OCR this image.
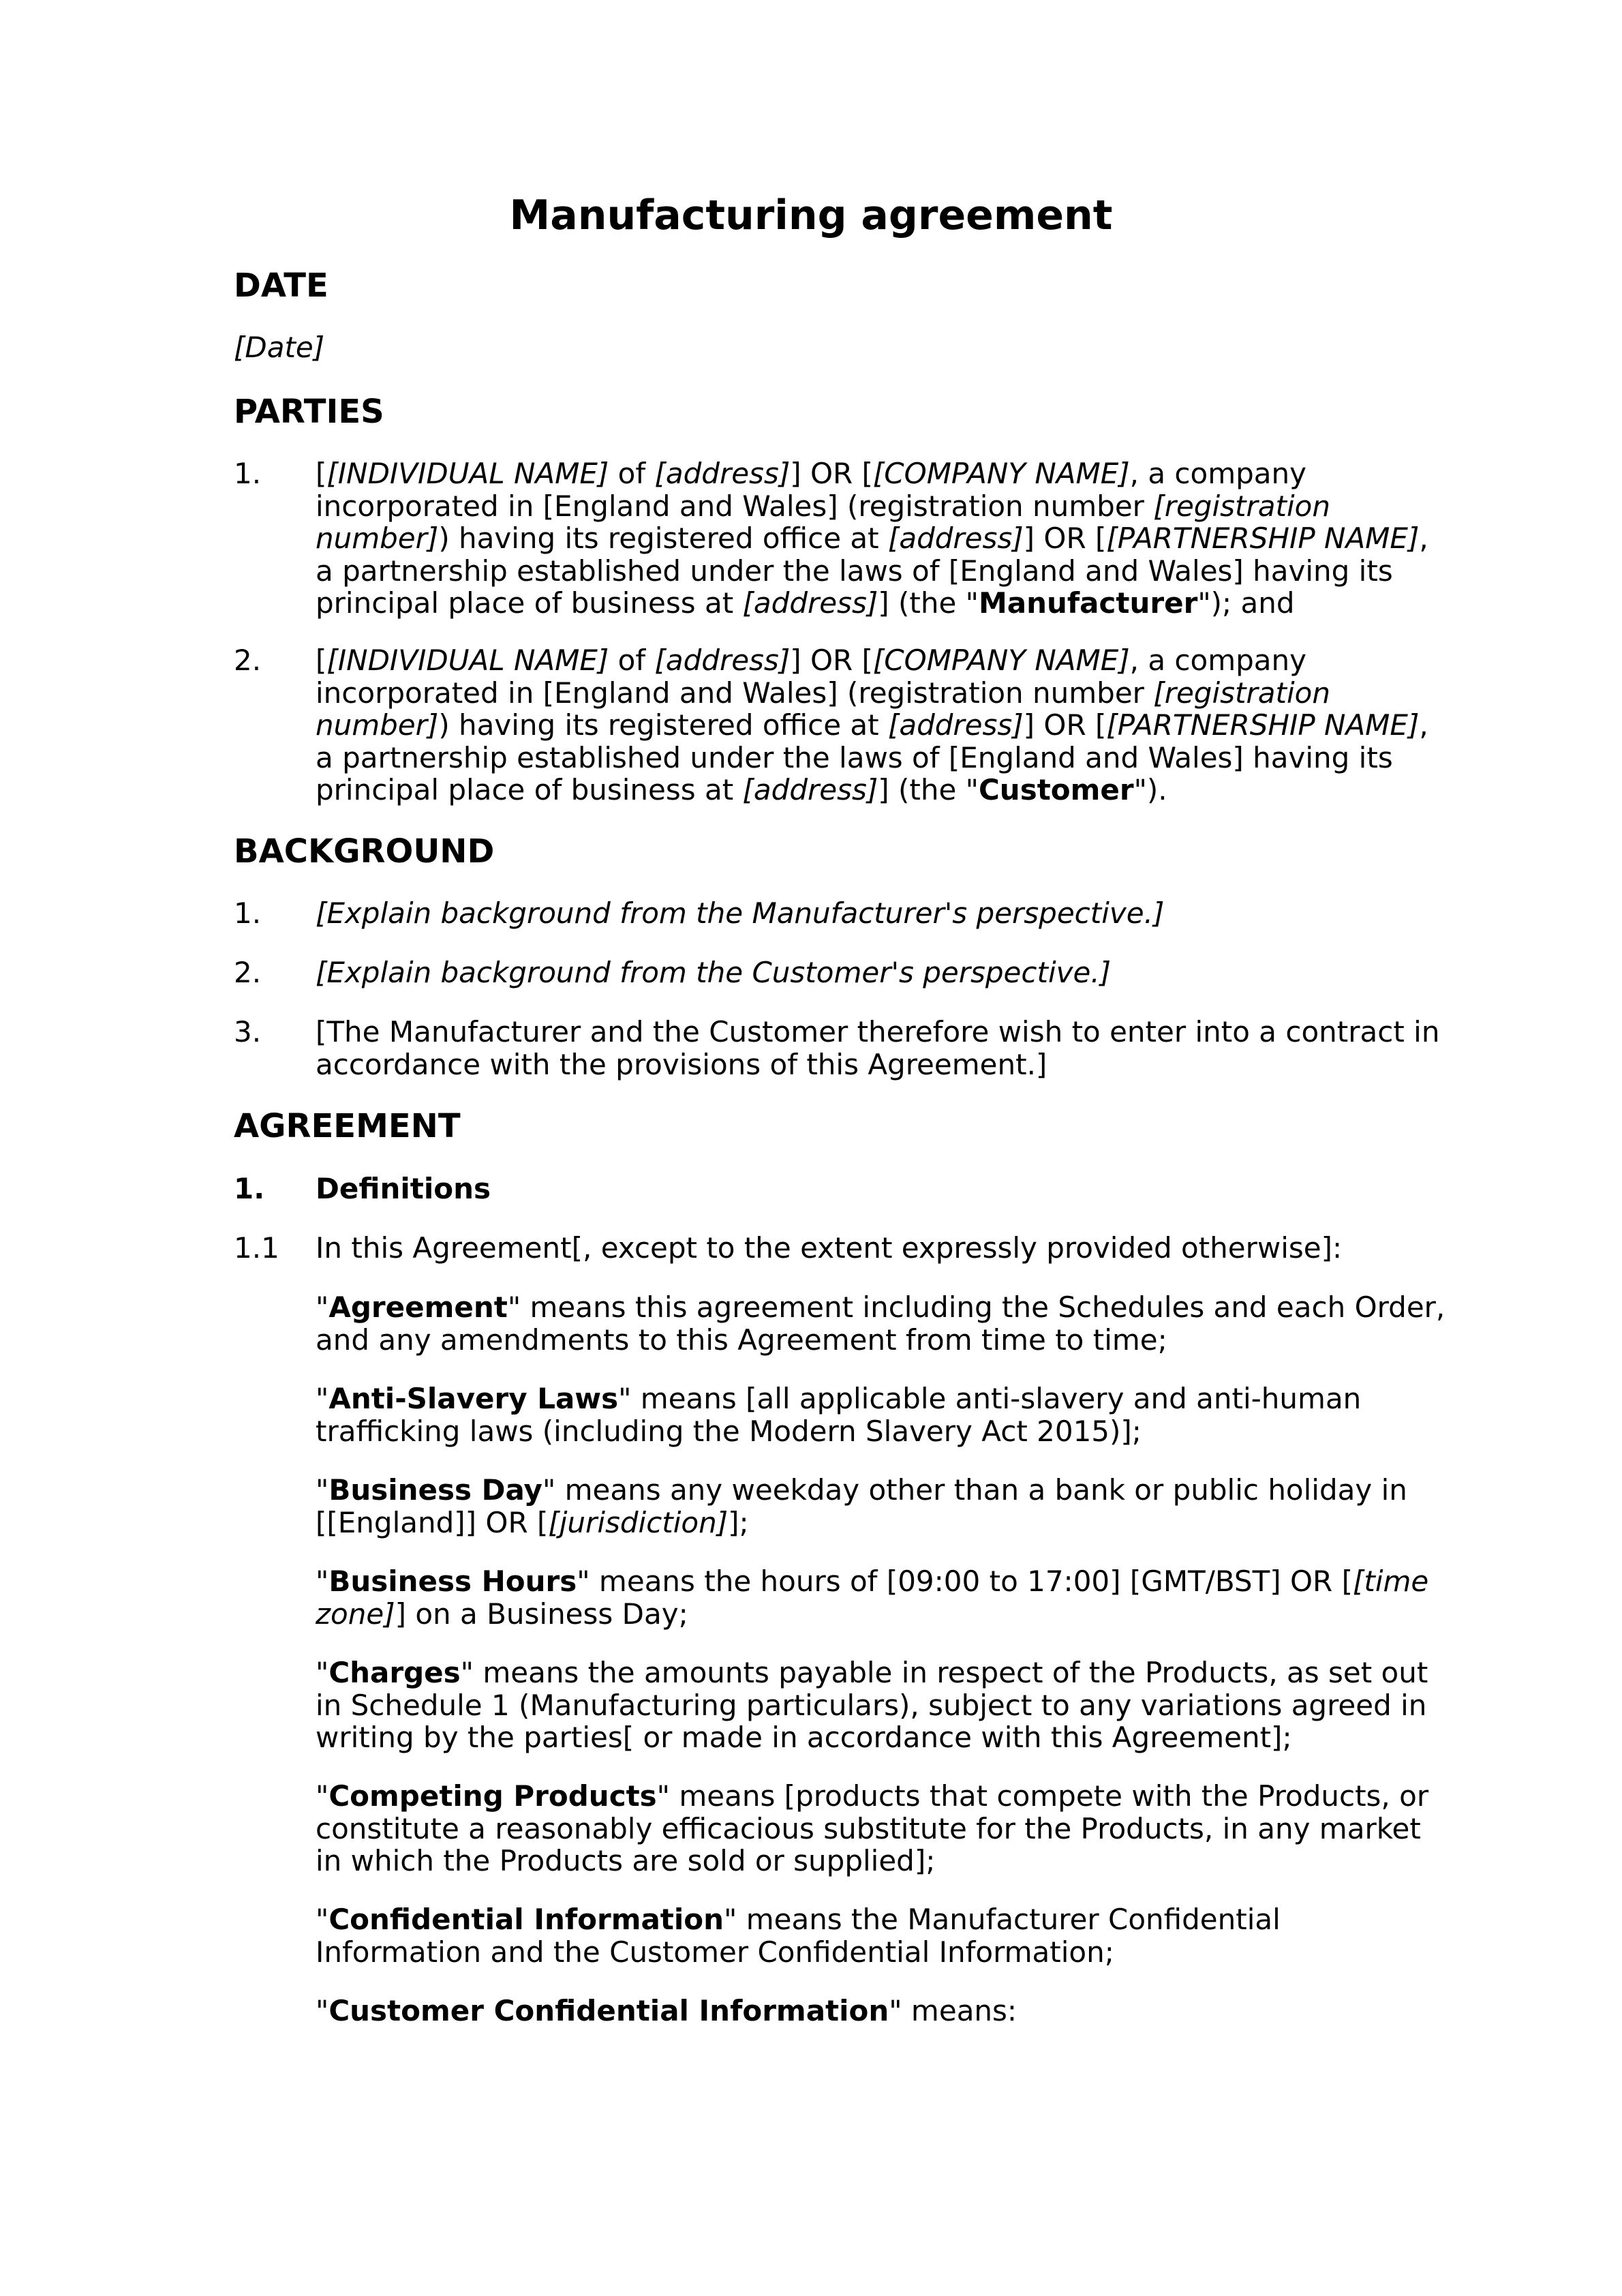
Manufacturing agreement
DATE
[Date]
PARTIES
1. [[INDIVIDUAL NAME] of [address]] OR [[COMPANY NAME], a company
incorporated in [England and Wales] (registration number [registration
number]) having its registered office at [address]] OR [[PARTNERSHIP NAME],
a partnership established under the laws of [England and Wales] having its
principal place of business at [address]] (the "Manufacturer"); and
2. [[INDIVIDUAL NAME] of [address]] OR [[COMPANY NAME], a company
incorporated in [England and Wales] (registration number [registration
number]) having its registered office at [address]] OR [[PARTNERSHIP NAME],
a partnership established under the laws of [England and Wales] having its
principal place of business at [address]] (the "Customer").
BACKGROUND
1. [Explain background from the Manufacturer's perspective.]
2. [Explain background from the Customer's perspective.]
3. [The Manufacturer and the Customer therefore wish to enter into a contract in
accordance with the provisions of this Agreement.]
AGREEMENT
1. Definitions
1.1 In this Agreement[, except to the extent expressly provided otherwise]:
"Agreement" means this agreement including the Schedules and each Order,
and any amendments to this Agreement from time to time;
"Anti-Slavery Laws" means [all applicable anti-slavery and anti-human
trafficking laws (including the Modern Slavery Act 2015)];
"Business Day" means any weekday other than a bank or public holiday in
[[England]] OR [[jurisdiction]];
"Business Hours" means the hours of [09:00 to 17:00] [GMT/BST] OR [[time
zone]] on a Business Day;
"Charges" means the amounts payable in respect of the Products, as set out
in Schedule 1 (Manufacturing particulars), subject to any variations agreed in
writing by the parties[ or made in accordance with this Agreement];
"Competing Products" means [products that compete with the Products, or
constitute a reasonably efficacious substitute for the Products, in any market
in which the Products are sold or supplied];
"Confidential Information" means the Manufacturer Confidential
Information and the Customer Confidential Information;
"Customer Confidential Information" means:
